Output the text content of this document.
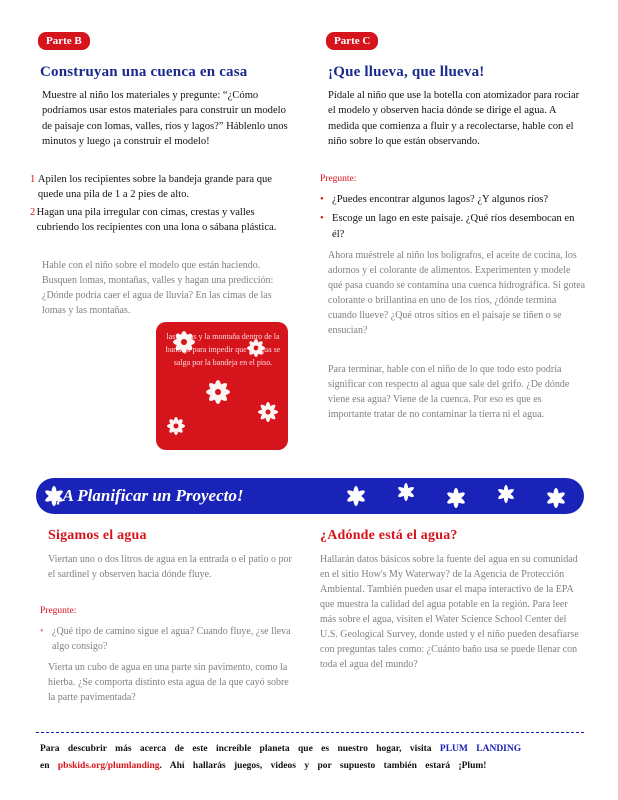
Parte B
Construyan una cuenca en casa
Muestre al niño los materiales y pregunte: “¿Cómo podríamos usar estos materiales para construir un modelo de paisaje con lomas, valles, ríos y lagos?” Háblenlo unos minutos y luego ¡a construir el modelo!
1 Apilen los recipientes sobre la bandeja grande para que quede una pila de 1 a 2 pies de alto.
2 Hagan una pila irregular con cimas, crestas y valles cubriendo los recipientes con una lona o sábana plástica.
Hable con el niño sobre el modelo que están haciendo. Busquen lomas, montañas, valles y hagan una predicción: ¿Dónde podría caer el agua de lluvia? En las cimas de las lomas y las montañas.
las lomas y la montaña dentro de la bandeja para impedir que el agua se salga por la bandeja en el piso.
Parte C
¡Que llueva, que llueva!
Pídale al niño que use la botella con atomizador para rociar el modelo y observen hacia dónde se dirige el agua. A medida que comienza a fluir y a recolectarse, hable con el niño sobre lo que están observando.
Pregunte:
• ¿Puedes encontrar algunos lagos? ¿Y algunos ríos?
• Escoge un lago en este paisaje. ¿Qué ríos desembocan en él?
Ahora muéstrele al niño los bolígrafos, el aceite de cocina, los adornos y el colorante de alimentos. Experimenten y modele qué pasa cuando se contamina una cuenca hidrográfica. Si gotea colorante o brillantina en uno de los ríos, ¿dónde termina cuando llueve? ¿Qué otros sitios en el paisaje se tiñen o se ensucian?
Para terminar, hable con el niño de lo que todo esto podría significar con respecto al agua que sale del grifo. ¿De dónde viene esa agua? Viene de la cuenca. Por eso es que es importante tratar de no contaminar la tierra ni el agua.
¡A Planificar un Proyecto!
Sigamos el agua
Viertan uno o dos litros de agua en la entrada o el patio o por el sardinel y observen hacia dónde fluye.
Pregunte:
• ¿Qué tipo de camino sigue el agua? Cuando fluye, ¿se lleva algo consigo?
Vierta un cubo de agua en una parte sin pavimento, como la hierba. ¿Se comporta distinto esta agua de la que cayó sobre la parte pavimentada?
¿Adónde está el agua?
Hallarán datos básicos sobre la fuente del agua en su comunidad en el sitio How's My Waterway? de la Agencia de Protección Ambiental. También pueden usar el mapa interactivo de la EPA que muestra la calidad del agua potable en la región. Para leer más sobre el agua, visiten el Water Science School Center del U.S. Geological Survey, donde usted y el niño pueden desafiarse con preguntas tales como: ¿Cuánto baño usa se puede llenar con toda el agua del mundo?
Para descubrir más acerca de este increíble planeta que es nuestro hogar, visita PLUM LANDING
en pbskids.org/plumlanding. Ahí hallarás juegos, videos y por supuesto también estará ¡Plum!
